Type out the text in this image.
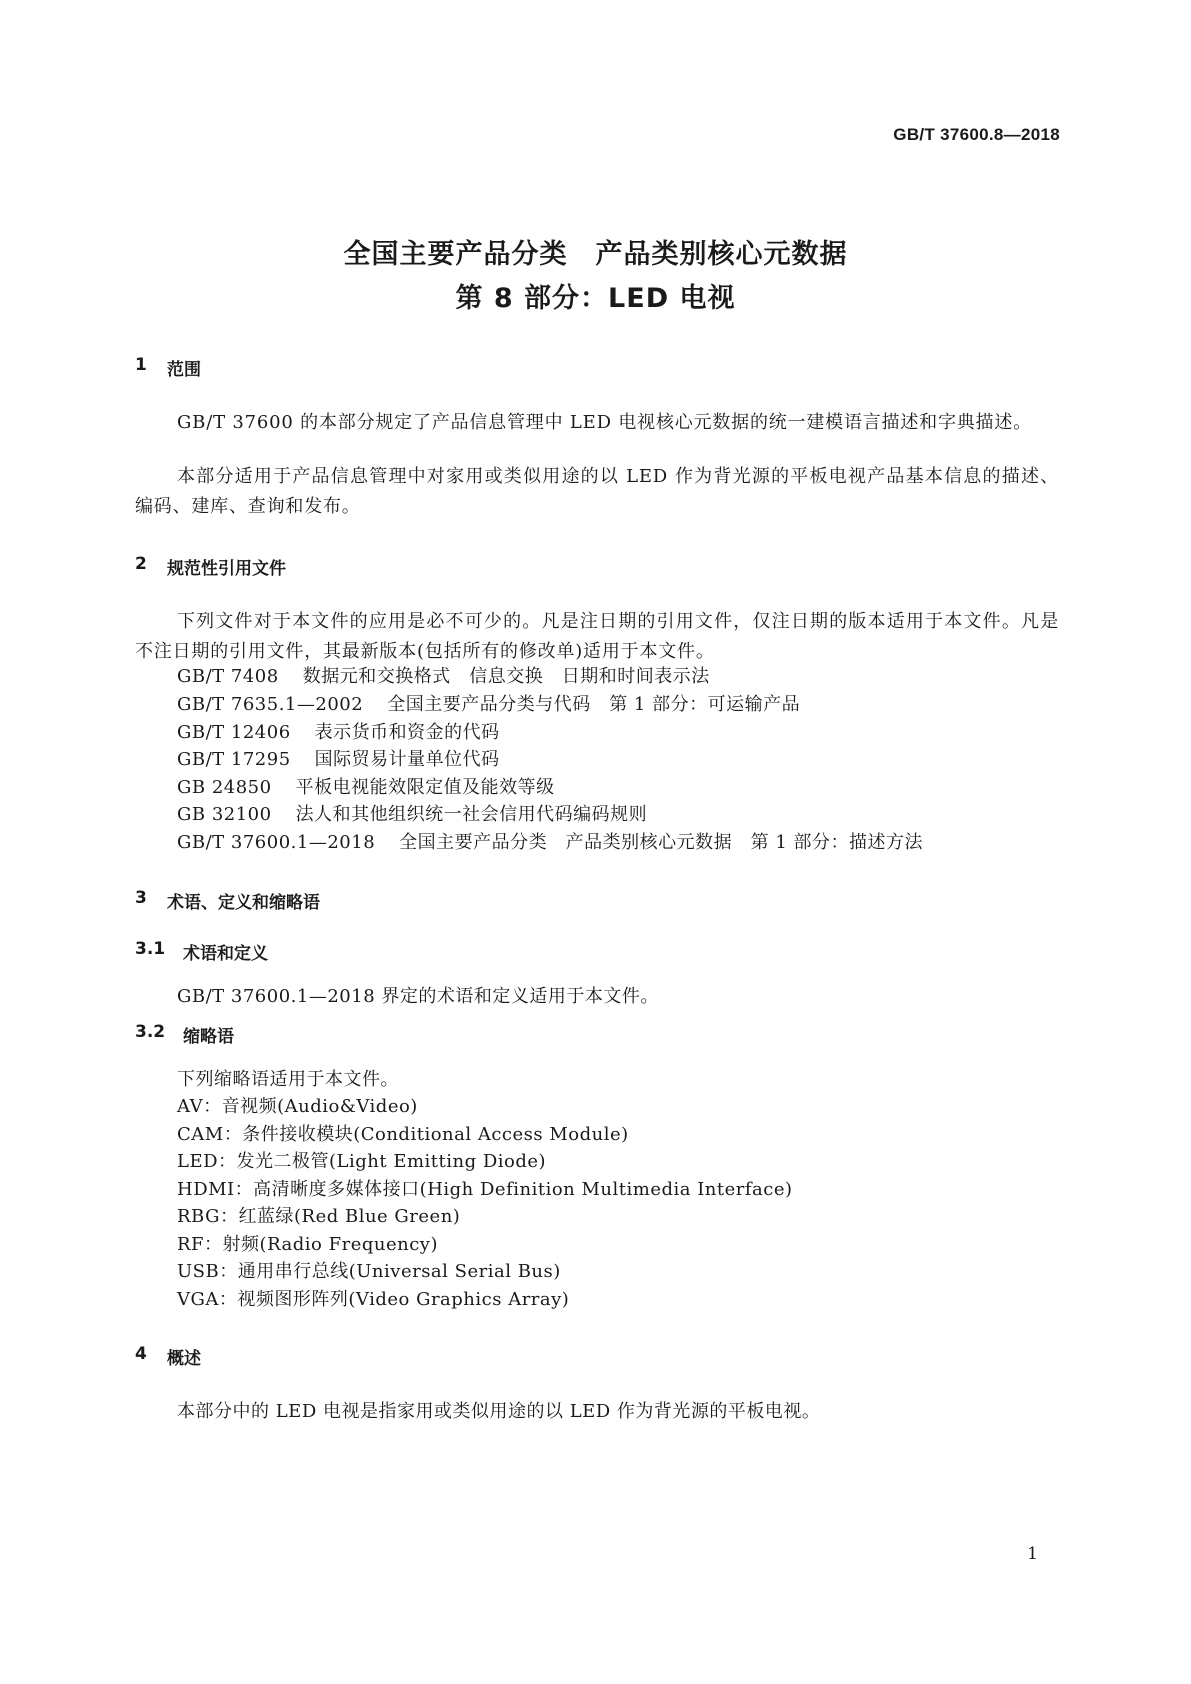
GB/T 37600.8—2018
全国主要产品分类　产品类别核心元数据
第 8 部分：LED 电视
1	范围
GB/T 37600 的本部分规定了产品信息管理中 LED 电视核心元数据的统一建模语言描述和字典描述。
本部分适用于产品信息管理中对家用或类似用途的以 LED 作为背光源的平板电视产品基本信息的描述、编码、建库、查询和发布。
2	规范性引用文件
下列文件对于本文件的应用是必不可少的。凡是注日期的引用文件，仅注日期的版本适用于本文件。凡是不注日期的引用文件，其最新版本(包括所有的修改单)适用于本文件。
GB/T 7408 数据元和交换格式　信息交换　日期和时间表示法
GB/T 7635.1—2002 全国主要产品分类与代码　第 1 部分：可运输产品
GB/T 12406 表示货币和资金的代码
GB/T 17295 国际贸易计量单位代码
GB 24850 平板电视能效限定值及能效等级
GB 32100 法人和其他组织统一社会信用代码编码规则
GB/T 37600.1—2018 全国主要产品分类　产品类别核心元数据　第 1 部分：描述方法
3	术语、定义和缩略语
3.1	术语和定义
GB/T 37600.1—2018 界定的术语和定义适用于本文件。
3.2	缩略语
下列缩略语适用于本文件。
AV：音视频(Audio&Video)
CAM：条件接收模块(Conditional Access Module)
LED：发光二极管(Light Emitting Diode)
HDMI：高清晰度多媒体接口(High Definition Multimedia Interface)
RBG：红蓝绿(Red Blue Green)
RF：射频(Radio Frequency)
USB：通用串行总线(Universal Serial Bus)
VGA：视频图形阵列(Video Graphics Array)
4	概述
本部分中的 LED 电视是指家用或类似用途的以 LED 作为背光源的平板电视。
1
